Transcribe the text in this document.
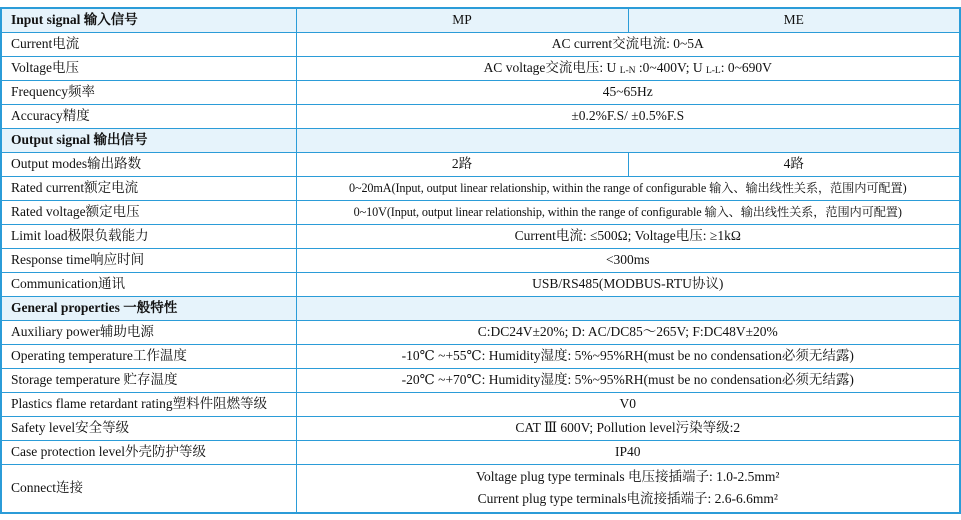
Input signal 输入信号	MP	ME
Current电流	AC current交流电流: 0~5A	
Voltage电压	AC voltage交流电压: U L-N :0~400V; U L-L: 0~690V	
Frequency频率	45~65Hz	
Accuracy精度	±0.2%F.S/ ±0.5%F.S	
Output signal 输出信号		
Output modes输出路数	2路	4路
Rated current额定电流	0~20mA(Input, output linear relationship, within the range of configurable 输入、输出线性关系，范围内可配置)	
Rated voltage额定电压	0~10V(Input, output linear relationship, within the range of configurable 输入、输出线性关系，范围内可配置)	
Limit load极限负载能力	Current电流: ≤500Ω; Voltage电压: ≥1kΩ	
Response time响应时间	<300ms	
Communication通讯	USB/RS485(MODBUS-RTU协议)	
General properties 一般特性		
Auxiliary power辅助电源	C:DC24V±20%; D: AC/DC85～265V; F:DC48V±20%	
Operating temperature工作温度	-10℃ ~+55℃: Humidity湿度: 5%~95%RH(must be no condensation必须无结露)	
Storage temperature 贮存温度	-20℃ ~+70℃: Humidity湿度: 5%~95%RH(must be no condensation必须无结露)	
Plastics flame retardant rating塑料件阻燃等级	V0	
Safety level安全等级	CAT Ⅲ 600V; Pollution level污染等级:2	
Case protection level外壳防护等级	IP40	
Connect连接	Voltage plug type terminals 电压接插端子: 1.0-2.5mm²
Current plug type terminals电流接插端子: 2.6-6.6mm²	
